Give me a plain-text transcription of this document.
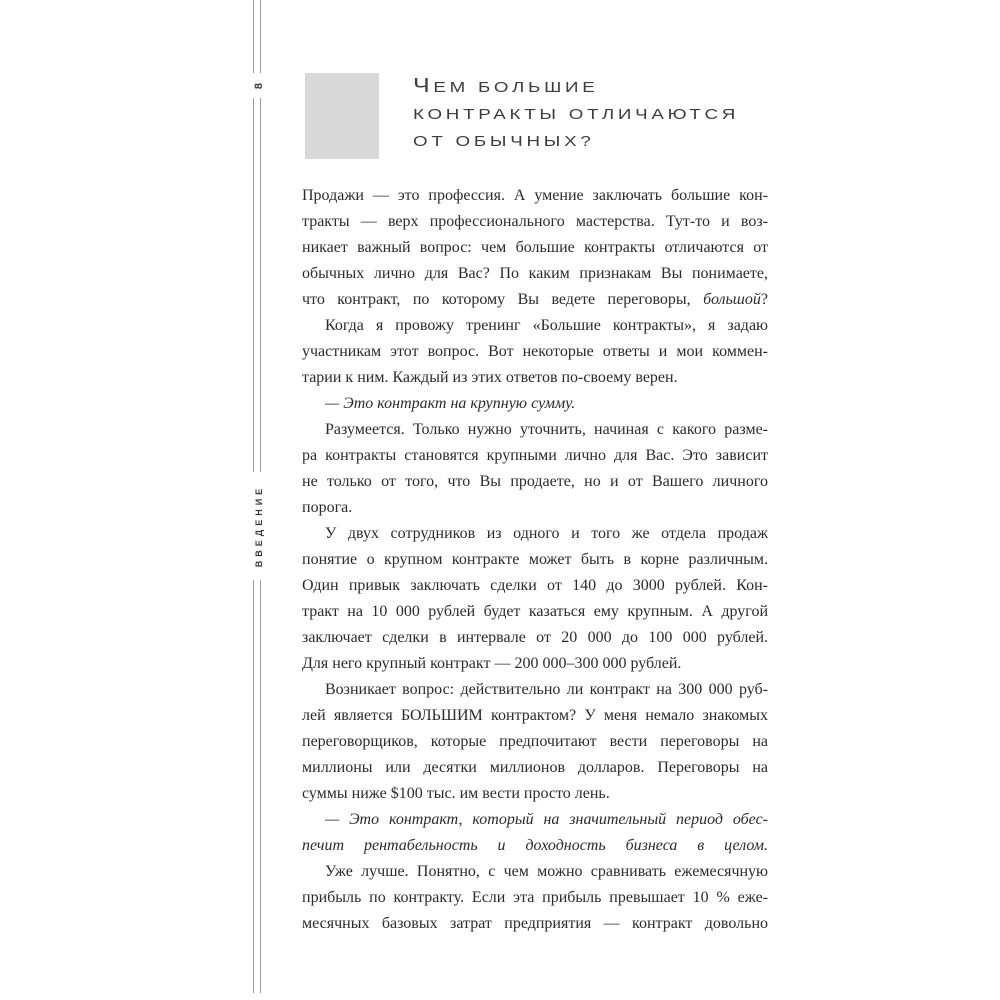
8
ВВЕДЕНИЕ
ЧЕМ БОЛЬШИЕ
КОНТРАКТЫ ОТЛИЧАЮТСЯ
ОТ ОБЫЧНЫХ?
Продажи — это профессия. А умение заключать большие кон-
тракты — верх профессионального мастерства. Тут-то и воз-
никает важный вопрос: чем большие контракты отличаются от
обычных лично для Вас? По каким признакам Вы понимаете,
что контракт, по которому Вы ведете переговоры, большой?
Когда я провожу тренинг «Большие контракты», я задаю
участникам этот вопрос. Вот некоторые ответы и мои коммен-
тарии к ним. Каждый из этих ответов по-своему верен.
— Это контракт на крупную сумму.
Разумеется. Только нужно уточнить, начиная с какого разме-
ра контракты становятся крупными лично для Вас. Это зависит
не только от того, что Вы продаете, но и от Вашего личного
порога.
У двух сотрудников из одного и того же отдела продаж
понятие о крупном контракте может быть в корне различным.
Один привык заключать сделки от 140 до 3000 рублей. Кон-
тракт на 10 000 рублей будет казаться ему крупным. А другой
заключает сделки в интервале от 20 000 до 100 000 рублей.
Для него крупный контракт — 200 000–300 000 рублей.
Возникает вопрос: действительно ли контракт на 300 000 руб-
лей является БОЛЬШИМ контрактом? У меня немало знакомых
переговорщиков, которые предпочитают вести переговоры на
миллионы или десятки миллионов долларов. Переговоры на
суммы ниже $100 тыс. им вести просто лень.
— Это контракт, который на значительный период обес-
печит рентабельность и доходность бизнеса в целом.
Уже лучше. Понятно, с чем можно сравнивать ежемесячную
прибыль по контракту. Если эта прибыль превышает 10 % еже-
месячных базовых затрат предприятия — контракт довольно
